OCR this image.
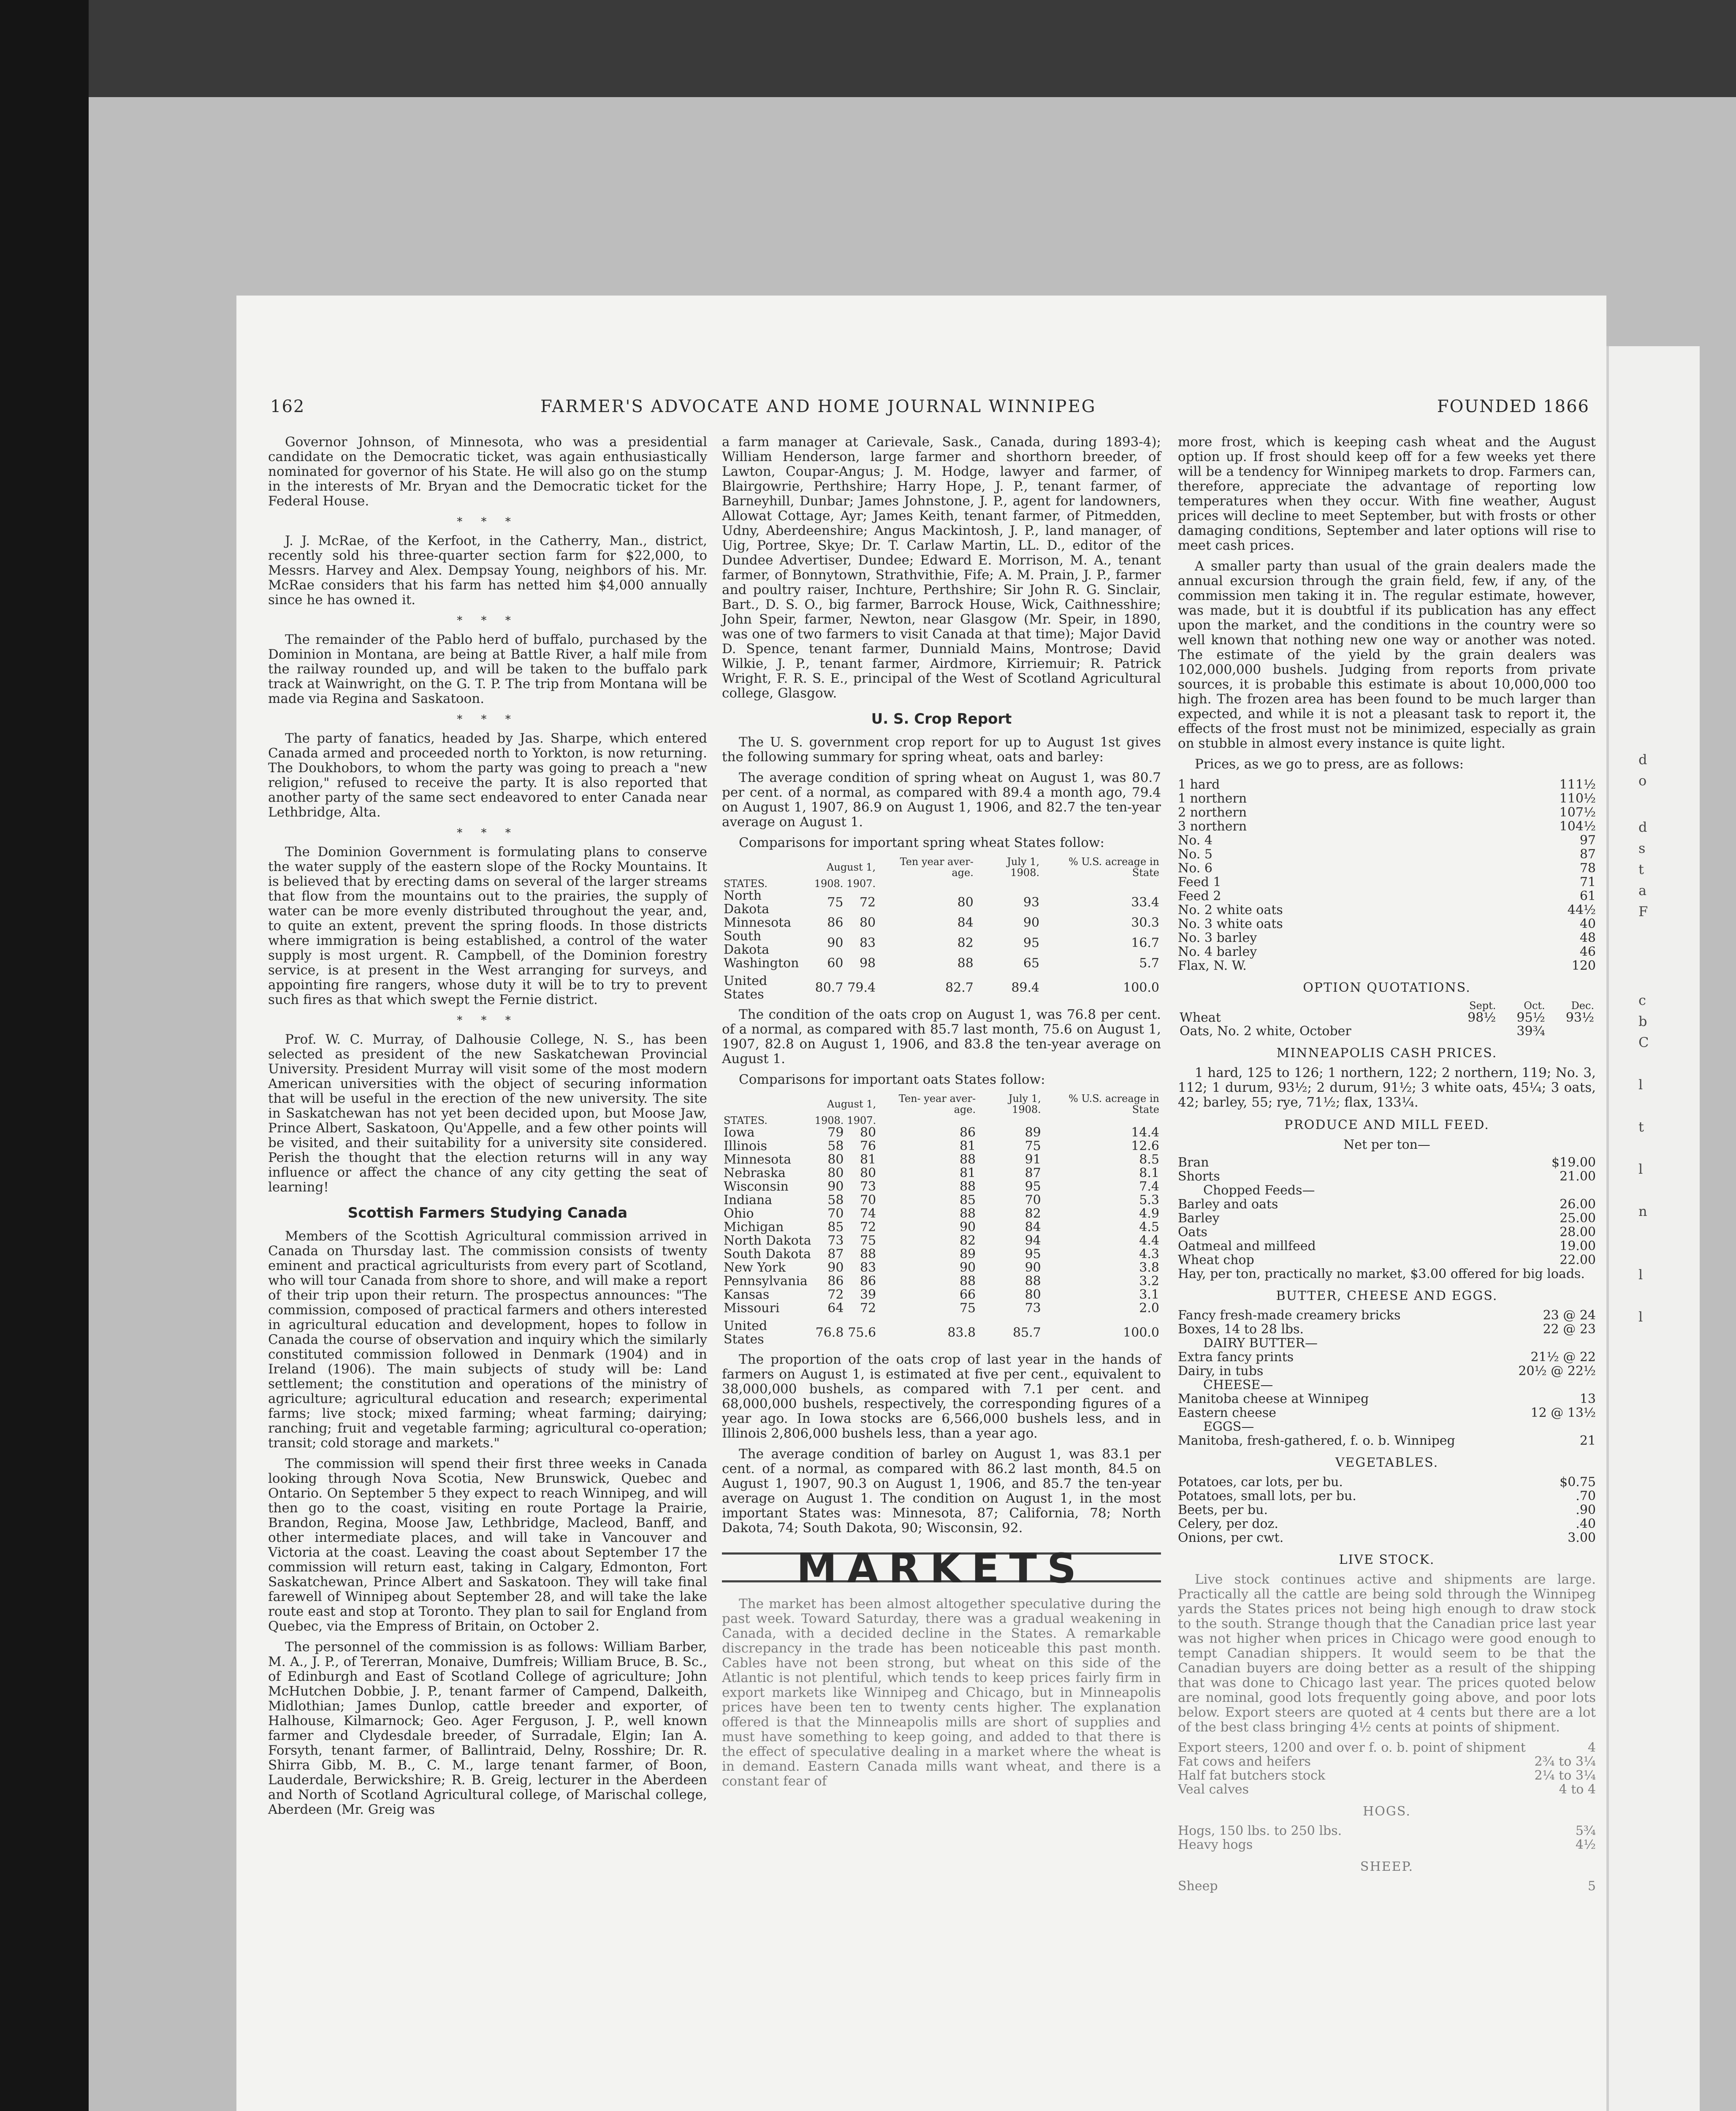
d
o
d
s
t
a
F
c
b
C
l
t
l
n
l
l
162	FARMER'S ADVOCATE AND HOME JOURNAL WINNIPEG	FOUNDED 1866

Governor Johnson, of Minnesota, who was a presidential candidate on the Democratic ticket, was again enthusiastically nominated for governor of his State. He will also go on the stump in the interests of Mr. Bryan and the Democratic ticket for the Federal House.

* * *

J. J. McRae, of the Kerfoot, in the Catherry, Man., district, recently sold his three-quarter section farm for $22,000, to Messrs. Harvey and Alex. Dempsay Young, neighbors of his. Mr. McRae considers that his farm has netted him $4,000 annually since he has owned it.

* * *

The remainder of the Pablo herd of buffalo, purchased by the Dominion in Montana, are being at Battle River, a half mile from the railway rounded up, and will be taken to the buffalo park track at Wainwright, on the G. T. P. The trip from Montana will be made via Regina and Saskatoon.

* * *

The party of fanatics, headed by Jas. Sharpe, which entered Canada armed and proceeded north to Yorkton, is now returning. The Doukhobors, to whom the party was going to preach a "new religion," refused to receive the party. It is also reported that another party of the same sect endeavored to enter Canada near Lethbridge, Alta.

* * *

The Dominion Government is formulating plans to conserve the water supply of the eastern slope of the Rocky Mountains. It is believed that by erecting dams on several of the larger streams that flow from the mountains out to the prairies, the supply of water can be more evenly distributed throughout the year, and, to quite an extent, prevent the spring floods. In those districts where immigration is being established, a control of the water supply is most urgent. R. Campbell, of the Dominion forestry service, is at present in the West arranging for surveys, and appointing fire rangers, whose duty it will be to try to prevent such fires as that which swept the Fernie district.

* * *

Prof. W. C. Murray, of Dalhousie College, N. S., has been selected as president of the new Saskatchewan Provincial University. President Murray will visit some of the most modern American universities with the object of securing information that will be useful in the erection of the new university. The site in Saskatchewan has not yet been decided upon, but Moose Jaw, Prince Albert, Saskatoon, Qu'Appelle, and a few other points will be visited, and their suitability for a university site considered. Perish the thought that the election returns will in any way influence or affect the chance of any city getting the seat of learning!

Scottish Farmers Studying Canada

Members of the Scottish Agricultural commission arrived in Canada on Thursday last. The commission consists of twenty eminent and practical agriculturists from every part of Scotland, who will tour Canada from shore to shore, and will make a report of their trip upon their return. The prospectus announces: "The commission, composed of practical farmers and others interested in agricultural education and development, hopes to follow in Canada the course of observation and inquiry which the similarly constituted commission followed in Denmark (1904) and in Ireland (1906). The main subjects of study will be: Land settlement; the constitution and operations of the ministry of agriculture; agricultural education and research; experimental farms; live stock; mixed farming; wheat farming; dairying; ranching; fruit and vegetable farming; agricultural co-operation; transit; cold storage and markets."

The commission will spend their first three weeks in Canada looking through Nova Scotia, New Brunswick, Quebec and Ontario. On September 5 they expect to reach Winnipeg, and will then go to the coast, visiting en route Portage la Prairie, Brandon, Regina, Moose Jaw, Lethbridge, Macleod, Banff, and other intermediate places, and will take in Vancouver and Victoria at the coast. Leaving the coast about September 17 the commission will return east, taking in Calgary, Edmonton, Fort Saskatchewan, Prince Albert and Saskatoon. They will take final farewell of Winnipeg about September 28, and will take the lake route east and stop at Toronto. They plan to sail for England from Quebec, via the Empress of Britain, on October 2.

The personnel of the commission is as follows: William Barber, M. A., J. P., of Tererran, Monaive, Dumfreis; William Bruce, B. Sc., of Edinburgh and East of Scotland College of agriculture; John McHutchen Dobbie, J. P., tenant farmer of Campend, Dalkeith, Midlothian; James Dunlop, cattle breeder and exporter, of Halhouse, Kilmarnock; Geo. Ager Ferguson, J. P., well known farmer and Clydesdale breeder, of Surradale, Elgin; Ian A. Forsyth, tenant farmer, of Ballintraid, Delny, Rosshire; Dr. R. Shirra Gibb, M. B., C. M., large tenant farmer, of Boon, Lauderdale, Berwickshire; R. B. Greig, lecturer in the Aberdeen and North of Scotland Agricultural college, of Marischal college, Aberdeen (Mr. Greig was

a farm manager at Carievale, Sask., Canada, during 1893-4); William Henderson, large farmer and shorthorn breeder, of Lawton, Coupar-Angus; J. M. Hodge, lawyer and farmer, of Blairgowrie, Perthshire; Harry Hope, J. P., tenant farmer, of Barneyhill, Dunbar; James Johnstone, J. P., agent for landowners, Allowat Cottage, Ayr; James Keith, tenant farmer, of Pitmedden, Udny, Aberdeenshire; Angus Mackintosh, J. P., land manager, of Uig, Portree, Skye; Dr. T. Carlaw Martin, LL. D., editor of the Dundee Advertiser, Dundee; Edward E. Morrison, M. A., tenant farmer, of Bonnytown, Strathvithie, Fife; A. M. Prain, J. P., farmer and poultry raiser, Inchture, Perthshire; Sir John R. G. Sinclair, Bart., D. S. O., big farmer, Barrock House, Wick, Caithnesshire; John Speir, farmer, Newton, near Glasgow (Mr. Speir, in 1890, was one of two farmers to visit Canada at that time); Major David D. Spence, tenant farmer, Dunniald Mains, Montrose; David Wilkie, J. P., tenant farmer, Airdmore, Kirriemuir; R. Patrick Wright, F. R. S. E., principal of the West of Scotland Agricultural college, Glasgow.

U. S. Crop Report

The U. S. government crop report for up to August 1st gives the following summary for spring wheat, oats and barley:

The average condition of spring wheat on August 1, was 80.7 per cent. of a normal, as compared with 89.4 a month ago, 79.4 on August 1, 1907, 86.9 on August 1, 1906, and 82.7 the ten-year average on August 1.

Comparisons for important spring wheat States follow:

	August 1,		Ten year aver- age.	July 1, 1908.	% U.S. acreage in State
STATES.	1908.	1907.			
North Dakota	75	72	80	93	33.4
Minnesota	86	80	84	90	30.3
South Dakota	90	83	82	95	16.7
Washington	60	98	88	65	5.7
United States	80.7	79.4	82.7	89.4	100.0

The condition of the oats crop on August 1, was 76.8 per cent. of a normal, as compared with 85.7 last month, 75.6 on August 1, 1907, 82.8 on August 1, 1906, and 83.8 the ten-year average on August 1.

Comparisons for important oats States follow:

	August 1,		Ten- year aver- age.	July 1, 1908.	% U.S. acreage in State
STATES.	1908.	1907.			
Iowa	79	80	86	89	14.4
Illinois	58	76	81	75	12.6
Minnesota	80	81	88	91	8.5
Nebraska	80	80	81	87	8.1
Wisconsin	90	73	88	95	7.4
Indiana	58	70	85	70	5.3
Ohio	70	74	88	82	4.9
Michigan	85	72	90	84	4.5
North Dakota	73	75	82	94	4.4
South Dakota	87	88	89	95	4.3
New York	90	83	90	90	3.8
Pennsylvania	86	86	88	88	3.2
Kansas	72	39	66	80	3.1
Missouri	64	72	75	73	2.0
United States	76.8	75.6	83.8	85.7	100.0

The proportion of the oats crop of last year in the hands of farmers on August 1, is estimated at five per cent., equivalent to 38,000,000 bushels, as compared with 7.1 per cent. and 68,000,000 bushels, respectively, the corresponding figures of a year ago. In Iowa stocks are 6,566,000 bushels less, and in Illinois 2,806,000 bushels less, than a year ago.

The average condition of barley on August 1, was 83.1 per cent. of a normal, as compared with 86.2 last month, 84.5 on August 1, 1907, 90.3 on August 1, 1906, and 85.7 the ten-year average on August 1. The condition on August 1, in the most important States was: Minnesota, 87; California, 78; North Dakota, 74; South Dakota, 90; Wisconsin, 92.

MARKETS

The market has been almost altogether speculative during the past week. Toward Saturday, there was a gradual weakening in Canada, with a decided decline in the States. A remarkable discrepancy in the trade has been noticeable this past month. Cables have not been strong, but wheat on this side of the Atlantic is not plentiful, which tends to keep prices fairly firm in export markets like Winnipeg and Chicago, but in Minneapolis prices have been ten to twenty cents higher. The explanation offered is that the Minneapolis mills are short of supplies and must have something to keep going, and added to that there is the effect of speculative dealing in a market where the wheat is in demand. Eastern Canada mills want wheat, and there is a constant fear of

more frost, which is keeping cash wheat and the August option up. If frost should keep off for a few weeks yet there will be a tendency for Winnipeg markets to drop. Farmers can, therefore, appreciate the advantage of reporting low temperatures when they occur. With fine weather, August prices will decline to meet September, but with frosts or other damaging conditions, September and later options will rise to meet cash prices.

A smaller party than usual of the grain dealers made the annual excursion through the grain field, few, if any, of the commission men taking it in. The regular estimate, however, was made, but it is doubtful if its publication has any effect upon the market, and the conditions in the country were so well known that nothing new one way or another was noted. The estimate of the yield by the grain dealers was 102,000,000 bushels. Judging from reports from private sources, it is probable this estimate is about 10,000,000 too high. The frozen area has been found to be much larger than expected, and while it is not a pleasant task to report it, the effects of the frost must not be minimized, especially as grain on stubble in almost every instance is quite light.

Prices, as we go to press, are as follows:

1 hard	111½
1 northern	110½
2 northern	107½
3 northern	104½
No. 4	97
No. 5	87
No. 6	78
Feed 1	71
Feed 2	61
No. 2 white oats	44½
No. 3 white oats	40
No. 3 barley	48
No. 4 barley	46
Flax, N. W.	120
OPTION QUOTATIONS.
	Sept.	Oct.	Dec.
Wheat	98½	95½	93½
Oats, No. 2 white, October		39¾	
MINNEAPOLIS CASH PRICES.

1 hard, 125 to 126; 1 northern, 122; 2 northern, 119; No. 3, 112; 1 durum, 93½; 2 durum, 91½; 3 white oats, 45¼; 3 oats, 42; barley, 55; rye, 71½; flax, 133¼.

PRODUCE AND MILL FEED.
Net per ton—
Bran	$19.00
Shorts	21.00
Chopped Feeds—
Barley and oats	26.00
Barley	25.00
Oats	28.00
Oatmeal and millfeed	19.00
Wheat chop	22.00
Hay, per ton, practically no market, $3.00 offered for big loads.
BUTTER, CHEESE AND EGGS.
Fancy fresh-made creamery bricks	23 @ 24
Boxes, 14 to 28 lbs.	22 @ 23
DAIRY BUTTER—
Extra fancy prints	21½ @ 22
Dairy, in tubs	20½ @ 22½
CHEESE—
Manitoba cheese at Winnipeg	13
Eastern cheese	12 @ 13½
EGGS—
Manitoba, fresh-gathered, f. o. b. Winnipeg	21
VEGETABLES.
Potatoes, car lots, per bu.	$0.75
Potatoes, small lots, per bu.	.70
Beets, per bu.	.90
Celery, per doz.	.40
Onions, per cwt.	3.00
LIVE STOCK.

Live stock continues active and shipments are large. Practically all the cattle are being sold through the Winnipeg yards the States prices not being high enough to draw stock to the south. Strange though that the Canadian price last year was not higher when prices in Chicago were good enough to tempt Canadian shippers. It would seem to be that the Canadian buyers are doing better as a result of the shipping that was done to Chicago last year. The prices quoted below are nominal, good lots frequently going above, and poor lots below. Export steers are quoted at 4 cents but there are a lot of the best class bringing 4½ cents at points of shipment.

Export steers, 1200 and over f. o. b. point of shipment	4
Fat cows and heifers	2¾ to 3¼
Half fat butchers stock	2¼ to 3¼
Veal calves	4 to 4
HOGS.
Hogs, 150 lbs. to 250 lbs.	5¾
Heavy hogs	4½
SHEEP.
Sheep	5
